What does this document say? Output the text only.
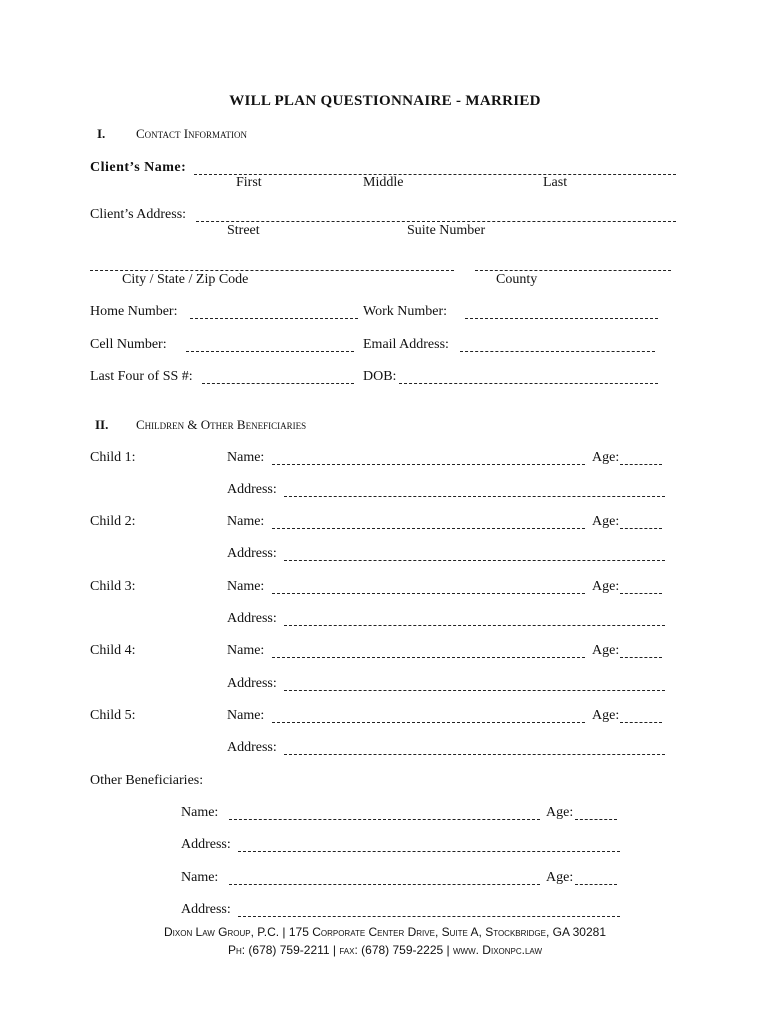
WILL PLAN QUESTIONNAIRE - MARRIED
I. Contact Information
Client’s Name:
First	Middle	Last
Client’s Address:
Street	Suite Number
City / State / Zip Code	County
Home Number:	Work Number:
Cell Number:	Email Address:
Last Four of SS #:	DOB:
II. Children & Other Beneficiaries
Child 1:	Name:	Age:
Address:
Child 2:	Name:	Age:
Address:
Child 3:	Name:	Age:
Address:
Child 4:	Name:	Age:
Address:
Child 5:	Name:	Age:
Address:
Other Beneficiaries:
Name:	Age:
Address:
Name:	Age:
Address:
Dixon Law Group, P.C. | 175 Corporate Center Drive, Suite A, Stockbridge, GA 30281
Ph: (678) 759-2211 | fax: (678) 759-2225 | www. Dixonpc.law
